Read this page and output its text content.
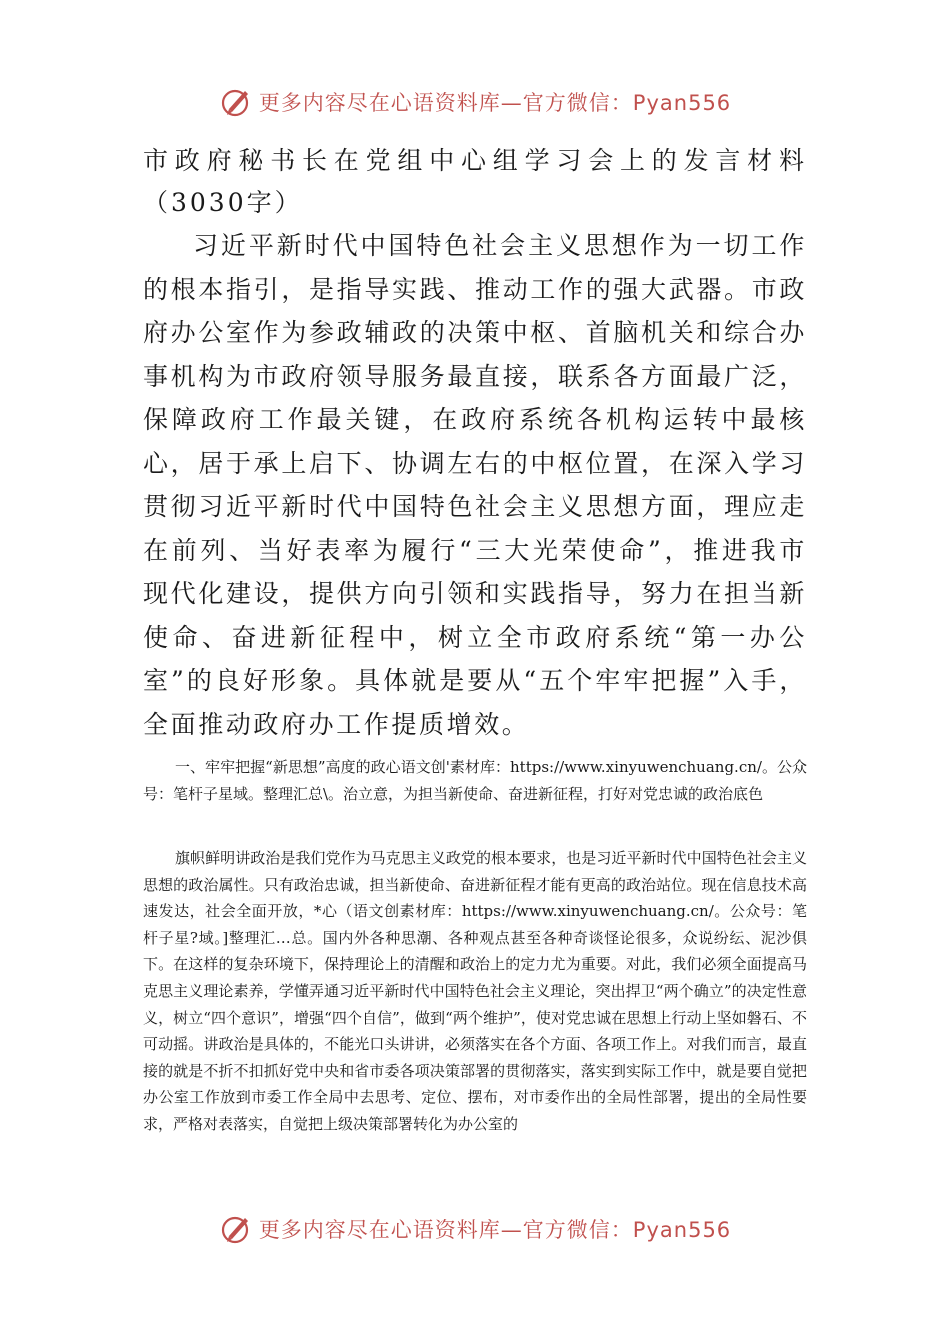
更多内容尽在心语资料库—官方微信：Pyan556
市政府秘书长在党组中心组学习会上的发言材料（3030字）

习近平新时代中国特色社会主义思想作为一切工作的根本指引，是指导实践、推动工作的强大武器。市政府办公室作为参政辅政的决策中枢、首脑机关和综合办事机构为市政府领导服务最直接，联系各方面最广泛，保障政府工作最关键，在政府系统各机构运转中最核心，居于承上启下、协调左右的中枢位置，在深入学习贯彻习近平新时代中国特色社会主义思想方面，理应走在前列、当好表率为履行“三大光荣使命”，推进我市现代化建设，提供方向引领和实践指导，努力在担当新使命、奋进新征程中，树立全市政府系统“第一办公室”的良好形象。具体就是要从“五个牢牢把握”入手，全面推动政府办工作提质增效。

一、牢牢把握“新思想”高度的政心语文创'素材库：https://www.xinyuwenchuang.cn/。公众号：笔杆子星域。整理汇总\。治立意，为担当新使命、奋进新征程，打好对党忠诚的政治底色

旗帜鲜明讲政治是我们党作为马克思主义政党的根本要求，也是习近平新时代中国特色社会主义思想的政治属性。只有政治忠诚，担当新使命、奋进新征程才能有更高的政治站位。现在信息技术高速发达，社会全面开放，*心（语文创素材库：https://www.xinyuwenchuang.cn/。公众号：笔杆子星?域。]整理汇…总。国内外各种思潮、各种观点甚至各种奇谈怪论很多，众说纷纭、泥沙俱下。在这样的复杂环境下，保持理论上的清醒和政治上的定力尤为重要。对此，我们必须全面提高马克思主义理论素养，学懂弄通习近平新时代中国特色社会主义理论，突出捍卫“两个确立”的决定性意义，树立“四个意识”，增强“四个自信”，做到“两个维护”，使对党忠诚在思想上行动上坚如磐石、不可动摇。讲政治是具体的，不能光口头讲讲，必须落实在各个方面、各项工作上。对我们而言，最直接的就是不折不扣抓好党中央和省市委各项决策部署的贯彻落实，落实到实际工作中，就是要自觉把办公室工作放到市委工作全局中去思考、定位、摆布，对市委作出的全局性部署，提出的全局性要求，严格对表落实，自觉把上级决策部署转化为办公室的

更多内容尽在心语资料库—官方微信：Pyan556
